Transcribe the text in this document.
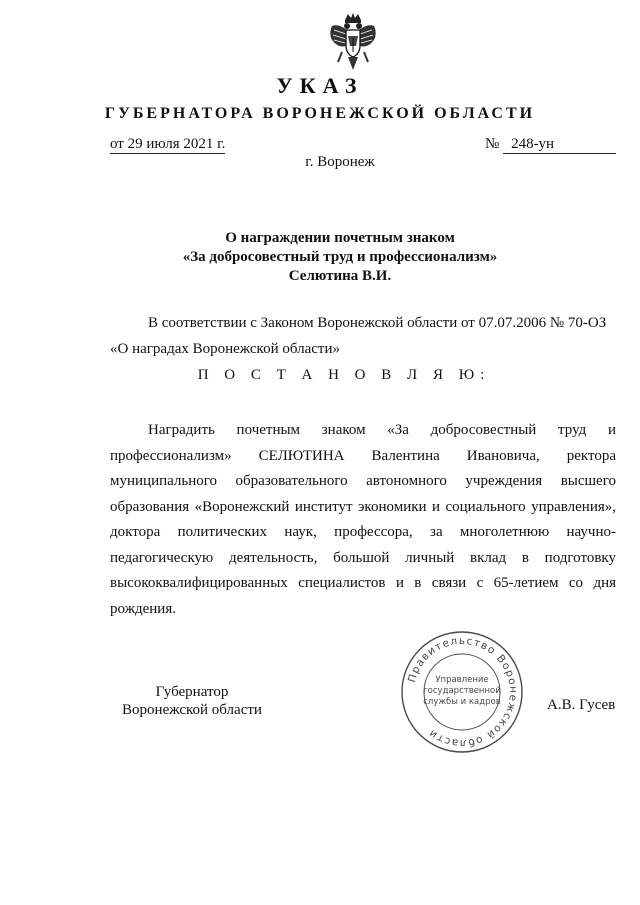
УКАЗ
ГУБЕРНАТОРА ВОРОНЕЖСКОЙ ОБЛАСТИ
от 29 июля 2021 г.	№ 248-ун
г. Воронеж
О награждении почетным знаком
«За добросовестный труд и профессионализм»
Селютина В.И.
В соответствии с Законом Воронежской области от 07.07.2006 № 70-ОЗ
«О наградах Воронежской области»
П О С Т А Н О В Л Я Ю:
Наградить почетным знаком «За добросовестный труд и профессионализм» СЕЛЮТИНА Валентина Ивановича, ректора муниципального образовательного автономного учреждения высшего образования «Воронежский институт экономики и социального управления», доктора политических наук, профессора, за многолетнюю научно-педагогическую деятельность, большой личный вклад в подготовку высококвалифицированных специалистов и в связи с 65-летием со дня рождения.
Губернатор
Воронежской области
Правительство Воронежской области
Управление
государственной
службы и кадров	А.В. Гусев
